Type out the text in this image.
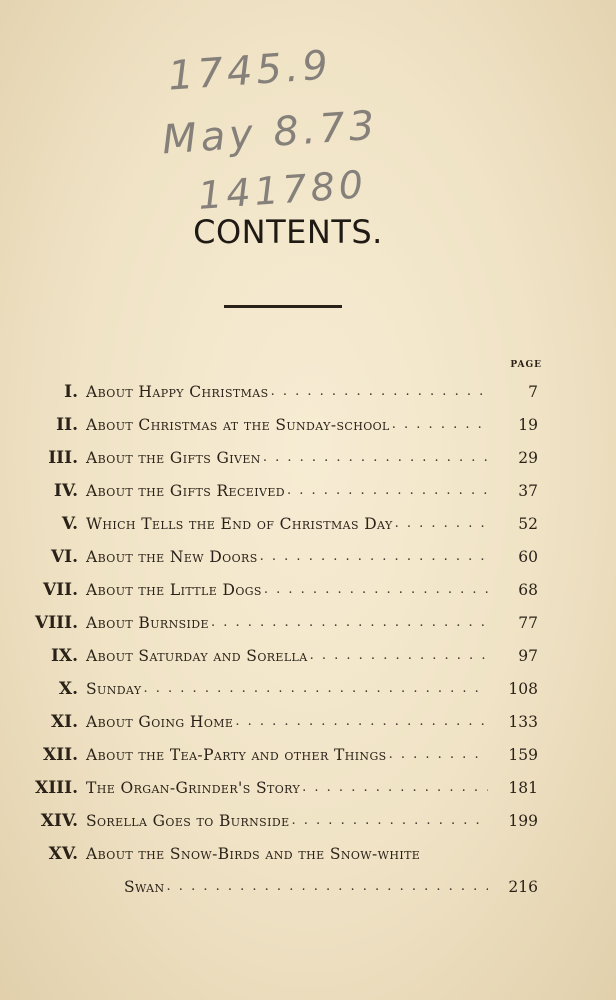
1745.9
May 8.73
141780
CONTENTS.
PAGE
I. About Happy Christmas . . .	7
II. About Christmas at the Sunday-school . . .	19
III. About the Gifts Given . . .	29
IV. About the Gifts Received . . .	37
V. Which Tells the End of Christmas Day . . .	52
VI. About the New Doors . . .	60
VII. About the Little Dogs . . .	68
VIII. About Burnside . . .	77
IX. About Saturday and Sorella . . .	97
X. Sunday . . .	108
XI. About Going Home . . .	133
XII. About the Tea-Party and other Things . . .	159
XIII. The Organ-Grinder's Story . . .	181
XIV. Sorella Goes to Burnside . . .	199
XV. About the Snow-Birds and the Snow-white
Swan . . .	216
